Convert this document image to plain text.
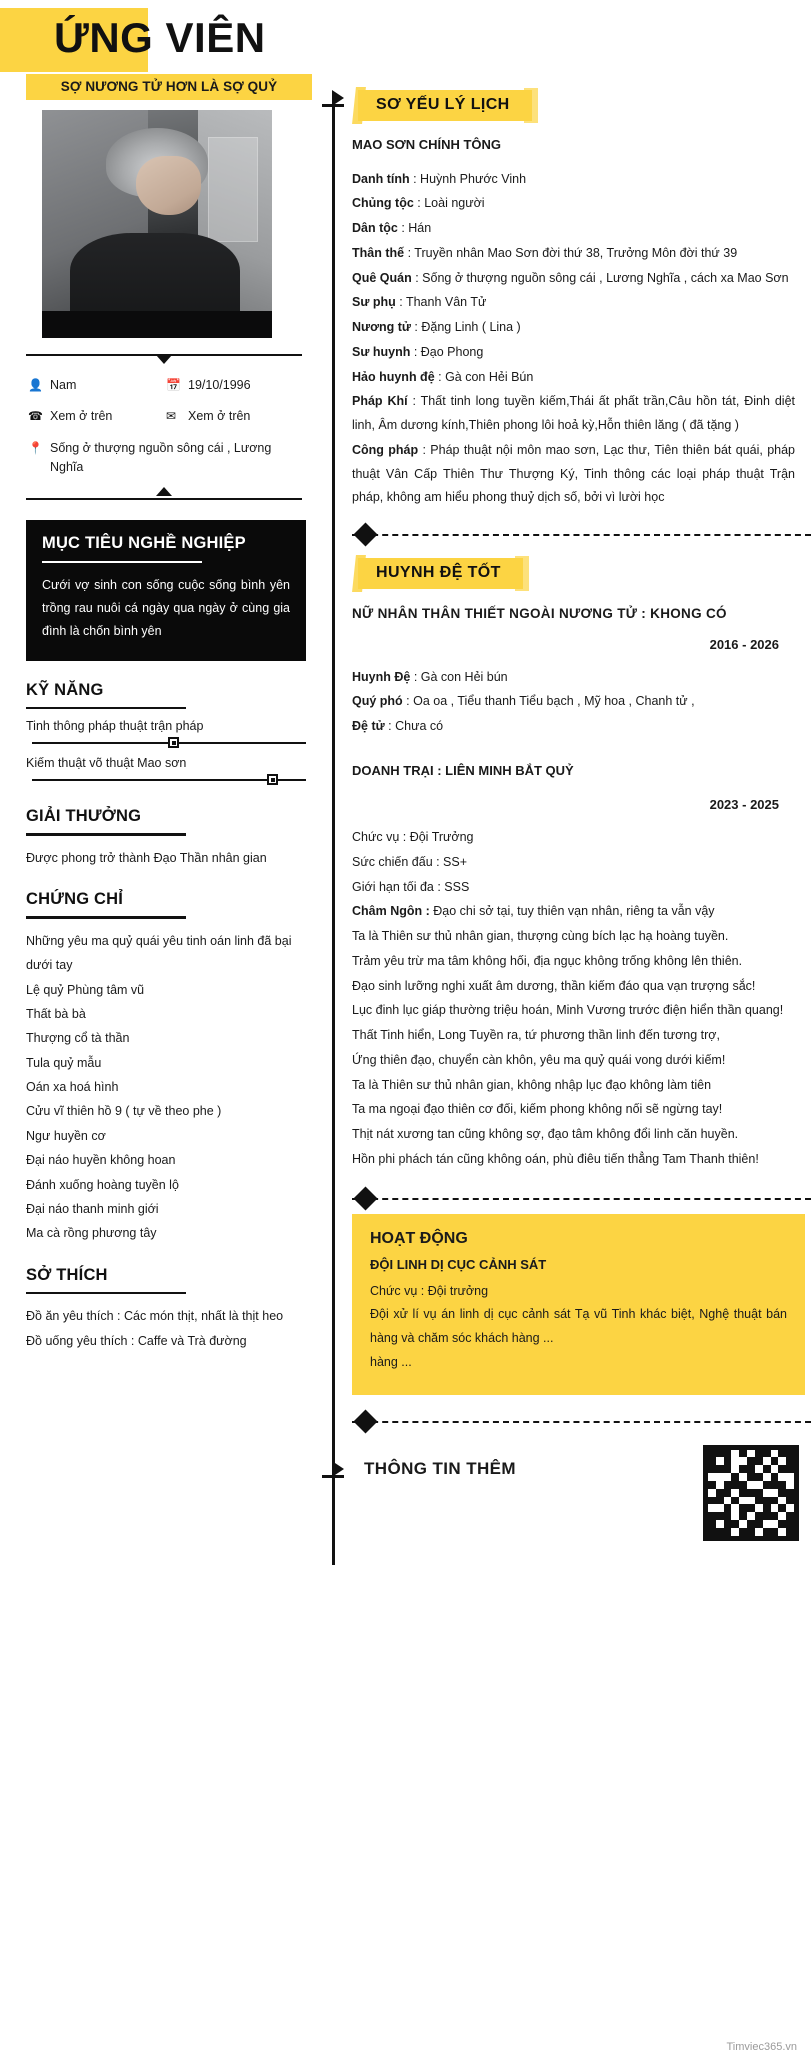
ỨNG VIÊN
SỢ NƯƠNG TỬ HƠN LÀ SỢ QUỶ
👤 Nam	📅 19/10/1996
☎ Xem ở trên	✉ Xem ở trên
📍 Sống ở thượng nguồn sông cái , Lương Nghĩa
MỤC TIÊU NGHỀ NGHIỆP

Cưới vợ sinh con sống cuộc sống bình yên trồng rau nuôi cá ngày qua ngày ở cùng gia đình là chốn bình yên

KỸ NĂNG
Tinh thông pháp thuật trận pháp
Kiếm thuật võ thuật Mao sơn
GIẢI THƯỞNG
Được phong trở thành Đạo Thần nhân gian
CHỨNG CHỈ
Những yêu ma quỷ quái yêu tinh oán linh đã bại dưới tay
Lệ quỷ Phùng tâm vũ
Thất bà bà
Thượng cổ tà thần
Tula quỷ mẫu
Oán xa hoá hình
Cửu vĩ thiên hồ 9 ( tự về theo phe )
Ngư huyền cơ
Đại náo huyền không hoan
Đánh xuống hoàng tuyền lộ
Đại náo thanh minh giới
Ma cà rồng phương tây
SỞ THÍCH
Đồ ăn yêu thích : Các món thịt, nhất là thịt heo
Đồ uống yêu thích : Caffe và Trà đường
SƠ YẾU LÝ LỊCH
MAO SƠN CHÍNH TÔNG

Danh tính : Huỳnh Phước Vinh

Chủng tộc : Loài người

Dân tộc : Hán

Thân thế : Truyền nhân Mao Sơn đời thứ 38, Trưởng Môn đời thứ 39

Quê Quán : Sống ở thượng nguồn sông cái , Lương Nghĩa , cách xa Mao Sơn

Sư phụ : Thanh Vân Tử

Nương tử : Đặng Linh ( Lina )

Sư huynh : Đạo Phong

Hảo huynh đệ : Gà con Hẻi Bún

Pháp Khí : Thất tinh long tuyền kiếm,Thái ất phất trần,Câu hồn tát, Đinh diệt linh, Âm dương kính,Thiên phong lôi hoả kỳ,Hỗn thiên lăng ( đã tặng )

Công pháp : Pháp thuật nội môn mao sơn, Lạc thư, Tiên thiên bát quái, pháp thuật Vân Cấp Thiên Thư Thượng Ký, Tinh thông các loại pháp thuật Trận pháp, không am hiểu phong thuỷ dịch số, bởi vì lười học

HUYNH ĐỆ TỐT
NỮ NHÂN THÂN THIẾT NGOÀI NƯƠNG TỬ : KHONG CÓ
2016 - 2026

Huynh Đệ : Gà con Hẻi bún

Quý phó : Oa oa , Tiểu thanh Tiểu bạch , Mỹ hoa , Chanh tử ,

Đệ tử : Chưa có

DOANH TRẠI : LIÊN MINH BẮT QUỶ
2023 - 2025

Chức vụ : Đội Trưởng

Sức chiến đấu : SS+

Giới hạn tối đa : SSS

Châm Ngôn : Đạo chi sở tại, tuy thiên vạn nhân, riêng ta vẫn vậy

Ta là Thiên sư thủ nhân gian, thượng cùng bích lạc hạ hoàng tuyền.

Trảm yêu trừ ma tâm không hối, địa ngục không trống không lên thiên.

Đạo sinh lưỡng nghi xuất âm dương, thần kiếm đáo qua vạn trượng sắc!

Lục đinh lục giáp thường triệu hoán, Minh Vương trước điện hiển thần quang!

Thất Tinh hiển, Long Tuyền ra, tứ phương thần linh đến tương trợ,

Ứng thiên đạo, chuyển càn khôn, yêu ma quỷ quái vong dưới kiếm!

Ta là Thiên sư thủ nhân gian, không nhập lục đạo không làm tiên

Ta ma ngoại đạo thiên cơ đối, kiếm phong không nối sẽ ngừng tay!

Thịt nát xương tan cũng không sợ, đạo tâm không đổi linh căn huyền.

Hồn phi phách tán cũng không oán, phù điêu tiến thẳng Tam Thanh thiên!

HOẠT ĐỘNG
ĐỘI LINH DỊ CỤC CẢNH SÁT

Chức vụ : Đội trưởng

Đội xử lí vụ án linh dị cục cảnh sát Tạ vũ Tinh khác biệt, Nghệ thuật bán hàng và chăm sóc khách hàng ...

hàng ...

THÔNG TIN THÊM
Timviec365.vn
